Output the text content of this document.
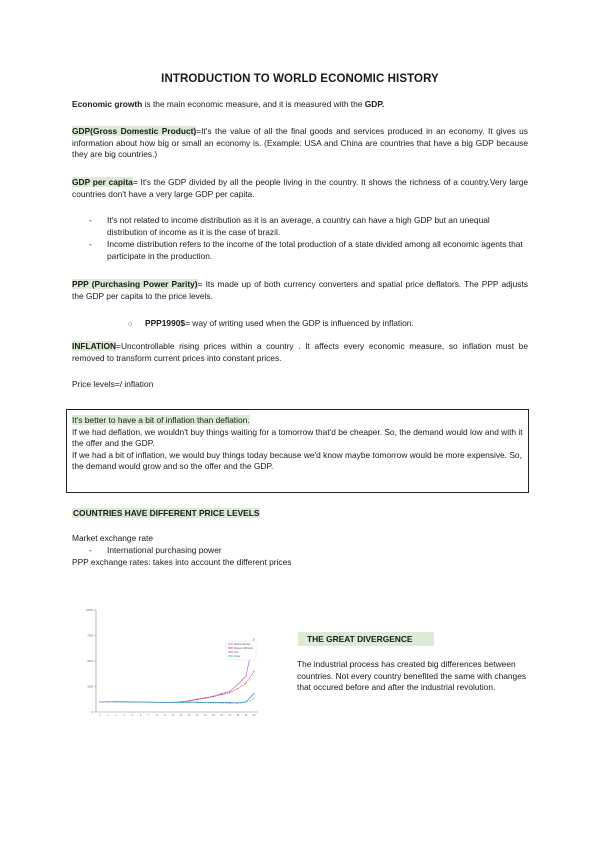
INTRODUCTION TO WORLD ECONOMIC HISTORY
Economic growth is the main economic measure, and it is measured with the GDP.
GDP(Gross Domestic Product)=It's the value of all the final goods and services produced in an economy. It gives us information about how big or small an economy is. (Example: USA and China are countries that have a big GDP because they are big countries.)
GDP per capita= It's the GDP divided by all the people living in the country. It shows the richness of a country.Very large countries don't have a very large GDP per capita.
- It's not related to income distribution as it is an average, a country can have a high GDP but an unequal distribution of income as it is the case of brazil.
- Income distribution refers to the income of the total production of a state divided among all economic agents that participate in the production.
PPP (Purchasing Power Parity)= Its made up of both currency converters and spatial price deflators. The PPP adjusts the GDP per capita to the price levels.
○ PPP1990$= way of writing used when the GDP is influenced by inflation.
INFLATION=Uncontrollable rising prices within a country . It affects every economic measure, so inflation must be removed to transform current prices into constant prices.
Price levels=/ inflation

It's better to have a bit of inflation than deflation.

If we had deflation, we wouldn't buy things waiting for a tomorrow that'd be cheaper. So, the demand would low and with it the offer and the GDP.

If we had a bit of inflation, we would buy things today because we'd know maybe tomorrow would be more expensive. So, the demand would grow and so the offer and the GDP.

COUNTRIES HAVE DIFFERENT PRICE LEVELS
Market exchange rate
- International purchasing power
PPP exchange rates: takes into account the different prices
10000
7500
5000
2500
0
1	2	3	4	5	6	7	8	9	10 11 12 13 14 15 16 17 18 19 20
Western Europe
Western Offshoots
Asia
Africa
THE GREAT DIVERGENCE
The industrial process has created big differences between countries. Not every country benefited the same with changes that occured before and after the industrial revolution.
